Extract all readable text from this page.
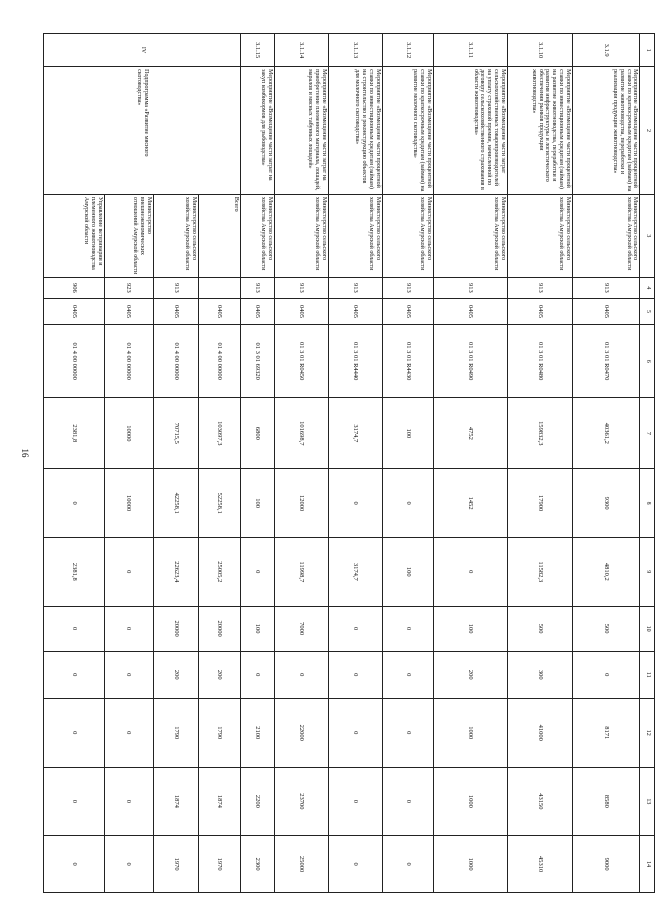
16
1	2	3	4	5	6	7	8	9	10	11	12	13	14
3.1.9	Мероприятие «Возмещение части процентной ставки по краткосрочным кредитам (займам) на развитие животноводства, переработки и реализации продукции животноводства»	Министерство сельского хозяйства Амурской области	913	0405	01 3 01 R0470	40361,2	9300	4810,2	500	0	8171	8580	9000
3.1.10	Мероприятие «Возмещение части процентной ставки по инвестиционным кредитам (займам) на развитие животноводства, переработки и развития инфраструктуры и логистического обеспечения рынков продукции животноводства»	Министерство сельского хозяйства Амурской области	913	0405	01 3 01 R0480	159832,3	17900	11582,3	500	300	41000	43150	45310
3.1.11	Мероприятие «Возмещение части затрат сельскохозяйственных товаропроизводителей на уплату страховой премии, начисленной по договору сельскохозяйственного страхования в области животноводства»	Министерство сельского хозяйства Амурской области	913	0405	01 3 01 R0490	4752	1452	0	100	200	1000	1000	1000
3.1.12	Мероприятие «Возмещение части процентной ставки по краткосрочным кредитам (займам) на развитие молочного скотоводства»	Министерство сельского хозяйства Амурской области	913	0405	01 3 01 R4430	100	0	100	0	0	0	0	0
3.1.13	Мероприятие «Возмещение части процентной ставки по инвестиционным кредитам (займам) на строительство и реконструкцию объектов для молочного скотоводства»	Министерство сельского хозяйства Амурской области	913	0405	01 3 01 R4440	3174,7	0	3174,7	0	0	0	0	0
3.1.14	Мероприятие «Возмещение части затрат на приобретение племенного материала, лошадей, маралов и мясных табунных лошадей»	Министерство сельского хозяйства Амурской области	913	0405	01 3 01 R0450	101698,7	12000	11998,7	7000	0	22000	23700	25000
3.1.15	Мероприятие «Возмещение части затрат на закуп комбикормов для рыбоводства»	Министерство сельского хозяйства Амурской области	913	0405	01 3 01 69320	6800	100	0	100	0	2100	2200	2300
IV	Подпрограмма «Развитие мясного скотоводства»	Всего		0405	01 4 00 00000	103097,3	52258,1	25005,2	20000	200	1790	1874	1970
		Министерство сельского хозяйства Амурской области	913	0405	01 4 00 00000	70715,5	42258,1	22623,4	20000	200	1790	1874	1970
		Министерство внешнеэкономических отношений Амурской области	923	0405	01 4 00 00000	10000	10000	0	0	0	0	0	0
		Управление ветеринарии и племенного животноводства Амурской области	906	0405	01 4 00 00000	2381,8	0	2381,8	0	0	0	0	0
